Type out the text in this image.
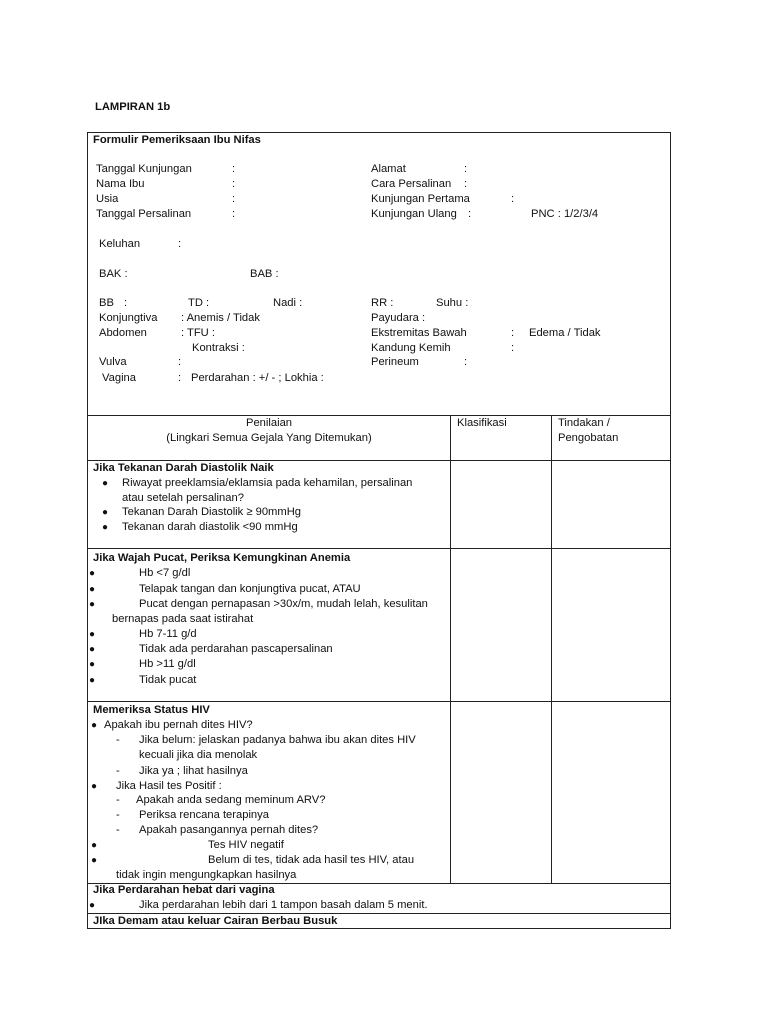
LAMPIRAN 1b
Formulir Pemeriksaan Ibu Nifas
Tanggal Kunjungan	:
Nama Ibu	:
Usia	:
Tanggal Persalinan	:
Alamat	:
Cara Persalinan :
Kunjungan Pertama	:
Kunjungan Ulang :	PNC : 1/2/3/4
Keluhan	:
BAK :	BAB :
BB :	TD :	Nadi :	RR :	Suhu :
Konjungtiva : Anemis / Tidak	Payudara :
Abdomen	: TFU :	Ekstremitas Bawah	: Edema / Tidak
Kontraksi :	Kandung Kemih	:
Vulva	:	Perineum	:
Vagina	: Perdarahan : +/ - ; Lokhia :
Penilaian
(Lingkari Semua Gejala Yang Ditemukan)
Klasifikasi	Tindakan /
Pengobatan
Jika Tekanan Darah Diastolik Naik
● Riwayat preeklamsia/eklamsia pada kehamilan, persalinan
atau setelah persalinan?
● Tekanan Darah Diastolik ≥ 90mmHg
● Tekanan darah diastolik <90 mmHg
Jika Wajah Pucat, Periksa Kemungkinan Anemia
●	Hb <7 g/dl
●	Telapak tangan dan konjungtiva pucat, ATAU
●	Pucat dengan pernapasan >30x/m, mudah lelah, kesulitan
bernapas pada saat istirahat
●	Hb 7-11 g/d
●	Tidak ada perdarahan pascapersalinan
●	Hb >11 g/dl
●	Tidak pucat
Memeriksa Status HIV
● Apakah ibu pernah dites HIV?
- Jika belum: jelaskan padanya bahwa ibu akan dites HIV
kecuali jika dia menolak
- Jika ya ; lihat hasilnya
● Jika Hasil tes Positif :
- Apakah anda sedang meminum ARV?
- Periksa rencana terapinya
- Apakah pasangannya pernah dites?
●	Tes HIV negatif
●	Belum di tes, tidak ada hasil tes HIV, atau
tidak ingin mengungkapkan hasilnya
Jika Perdarahan hebat dari vagina
●	Jika perdarahan lebih dari 1 tampon basah dalam 5 menit.
JIka Demam atau keluar Cairan Berbau Busuk
